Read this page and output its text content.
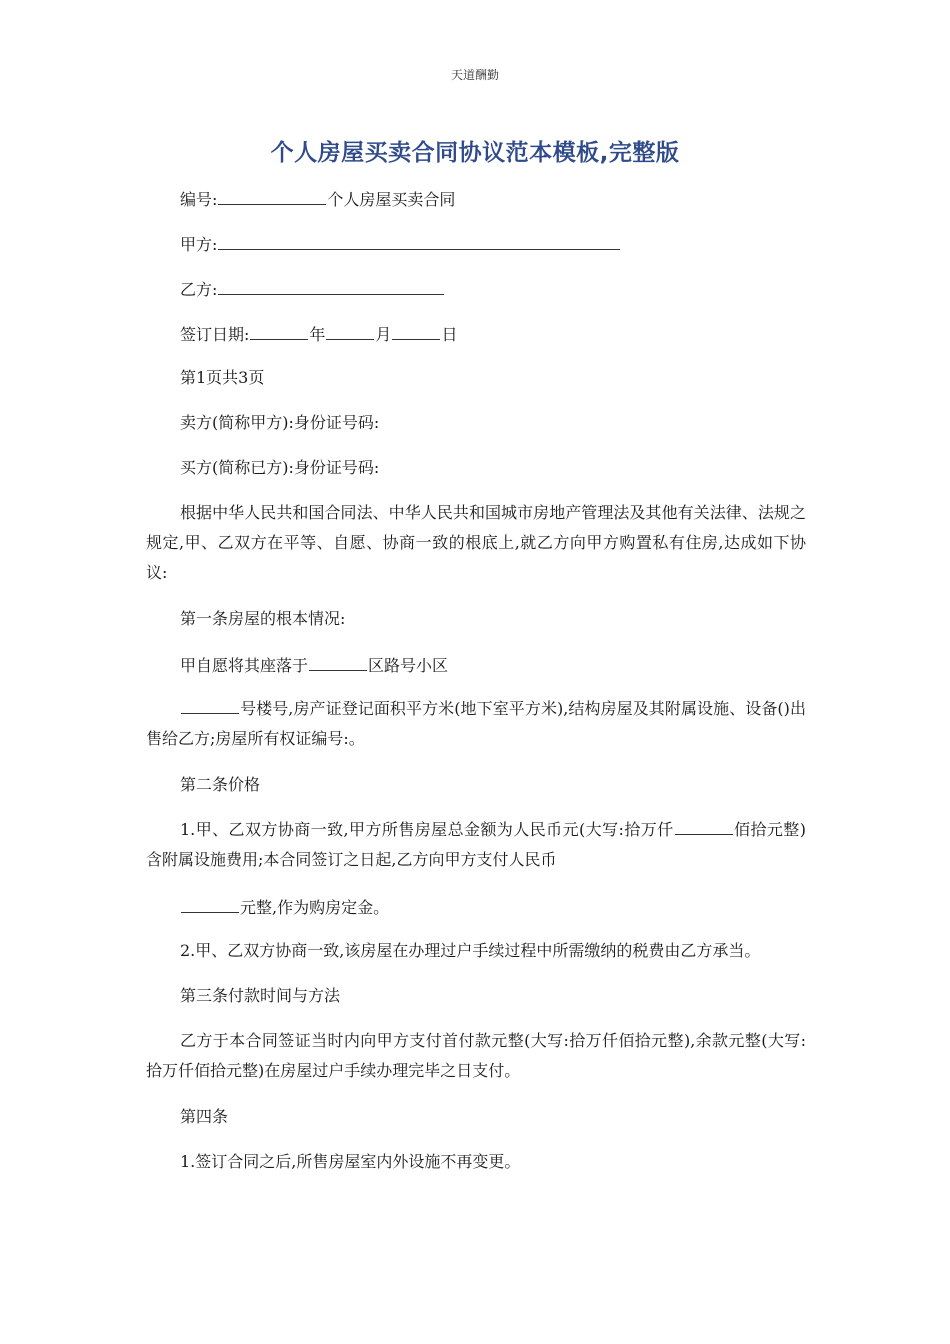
天道酬勤
个人房屋买卖合同协议范本模板,完整版
编号:	个人房屋买卖合同
甲方:
乙方:
签订日期:	年	月	日
第1页共3页
卖方(简称甲方):身份证号码:
买方(简称已方):身份证号码:
根据中华人民共和国合同法、中华人民共和国城市房地产管理法及其他有关法律、法规之规定,甲、乙双方在平等、自愿、协商一致的根底上,就乙方向甲方购置私有住房,达成如下协议:
第一条房屋的根本情况:
甲自愿将其座落于	区路号小区
号楼号,房产证登记面积平方米(地下室平方米),结构房屋及其附属设施、设备()出售给乙方;房屋所有权证编号:。
第二条价格
1.甲、乙双方协商一致,甲方所售房屋总金额为人民币元(大写:拾万仟	佰拾元整)含附属设施费用;本合同签订之日起,乙方向甲方支付人民币
元整,作为购房定金。
2.甲、乙双方协商一致,该房屋在办理过户手续过程中所需缴纳的税费由乙方承当。
第三条付款时间与方法
乙方于本合同签证当时内向甲方支付首付款元整(大写:拾万仟佰拾元整),余款元整(大写:拾万仟佰拾元整)在房屋过户手续办理完毕之日支付。
第四条
1.签订合同之后,所售房屋室内外设施不再变更。
